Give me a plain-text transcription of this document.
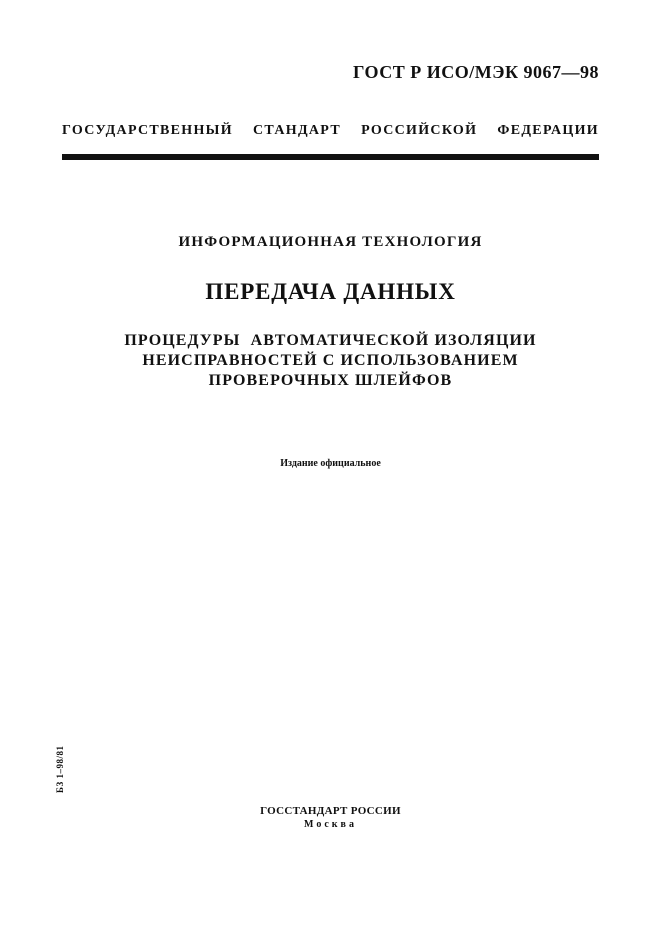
ГОСТ Р ИСО/МЭК 9067—98
ГОСУДАРСТВЕННЫЙ СТАНДАРТ РОССИЙСКОЙ ФЕДЕРАЦИИ
ИНФОРМАЦИОННАЯ ТЕХНОЛОГИЯ
ПЕРЕДАЧА ДАННЫХ
ПРОЦЕДУРЫ  АВТОМАТИЧЕСКОЙ ИЗОЛЯЦИИ
НЕИСПРАВНОСТЕЙ С ИСПОЛЬЗОВАНИЕМ
ПРОВЕРОЧНЫХ ШЛЕЙФОВ
Издание официальное
БЗ 1–98/81
ГОССТАНДАРТ РОССИИ
Москва
